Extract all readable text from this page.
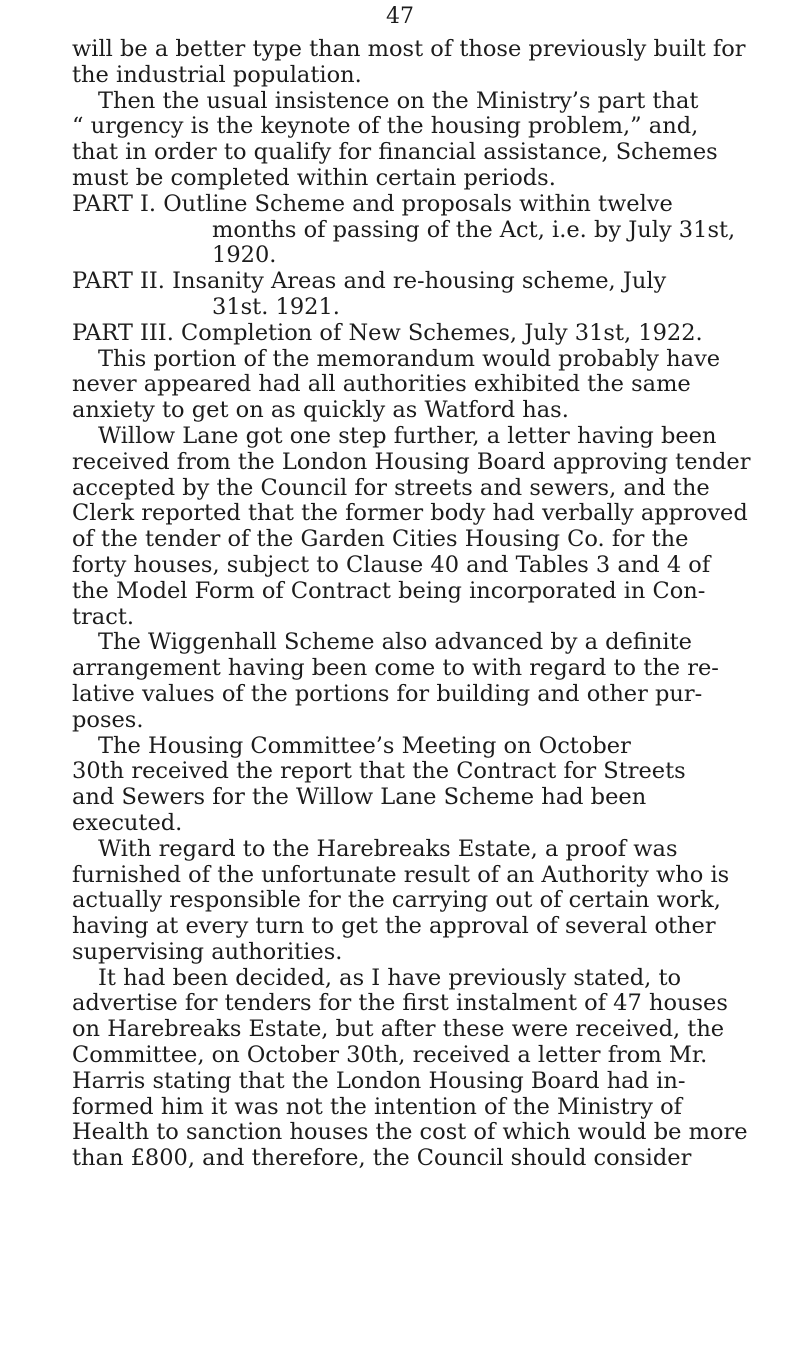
47
will be a better type than most of those previously built for
the industrial population.
Then the usual insistence on the Ministry’s part that
“ urgency is the keynote of the housing problem,” and,
that in order to qualify for financial assistance, Schemes
must be completed within certain periods.
PART I. Outline Scheme and proposals within twelve
months of passing of the Act, i.e. by July 31st,
1920.
PART II. Insanity Areas and re-housing scheme, July
31st. 1921.
PART III. Completion of New Schemes, July 31st, 1922.
This portion of the memorandum would probably have
never appeared had all authorities exhibited the same
anxiety to get on as quickly as Watford has.
Willow Lane got one step further, a letter having been
received from the London Housing Board approving tender
accepted by the Council for streets and sewers, and the
Clerk reported that the former body had verbally approved
of the tender of the Garden Cities Housing Co. for the
forty houses, subject to Clause 40 and Tables 3 and 4 of
the Model Form of Contract being incorporated in Con-
tract.
The Wiggenhall Scheme also advanced by a definite
arrangement having been come to with regard to the re-
lative values of the portions for building and other pur-
poses.
The Housing Committee’s Meeting on October
30th received the report that the Contract for Streets
and Sewers for the Willow Lane Scheme had been
executed.
With regard to the Harebreaks Estate, a proof was
furnished of the unfortunate result of an Authority who is
actually responsible for the carrying out of certain work,
having at every turn to get the approval of several other
supervising authorities.
It had been decided, as I have previously stated, to
advertise for tenders for the first instalment of 47 houses
on Harebreaks Estate, but after these were received, the
Committee, on October 30th, received a letter from Mr.
Harris stating that the London Housing Board had in-
formed him it was not the intention of the Ministry of
Health to sanction houses the cost of which would be more
than £800, and therefore, the Council should consider
